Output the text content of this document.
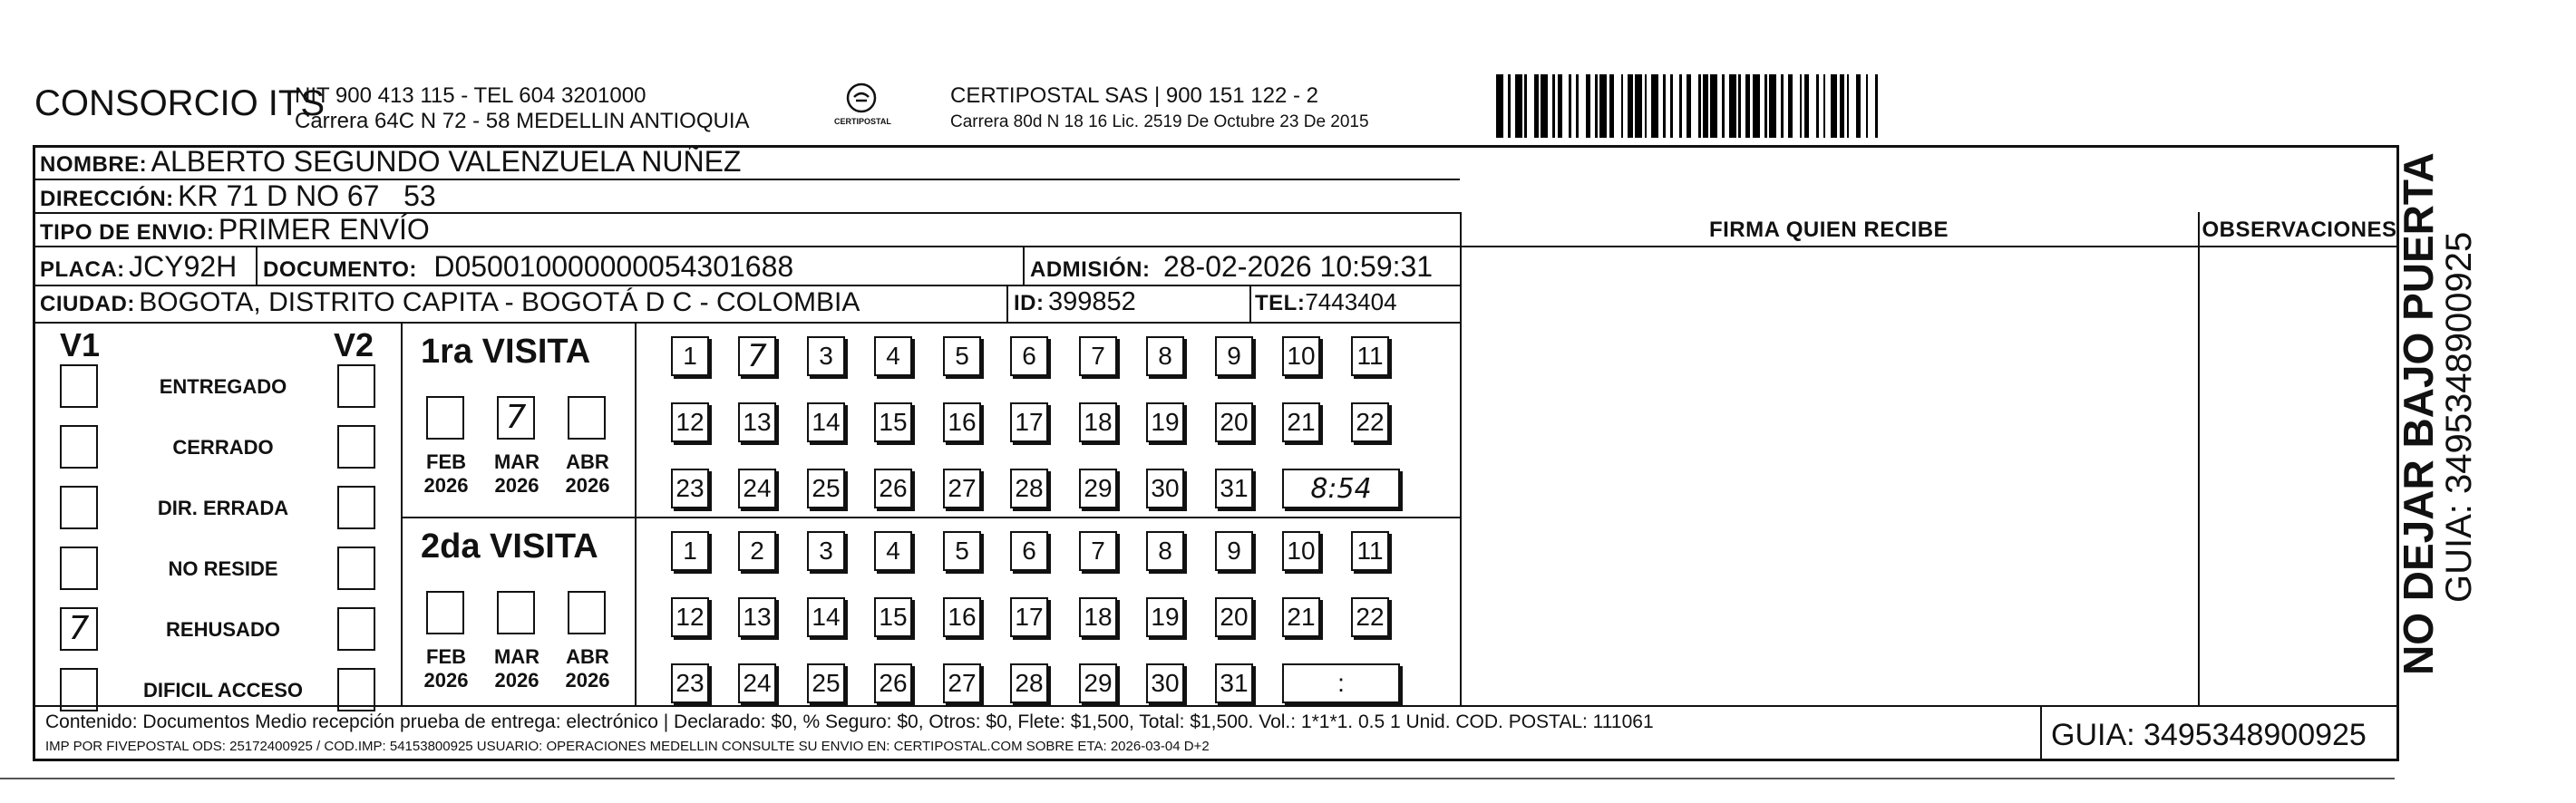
CONSORCIO ITS
NIT 900 413 115 - TEL 604 3201000
Carrera 64C N 72 - 58 MEDELLIN ANTIOQUIA	CERTIPOSTAL
CERTIPOSTAL SAS | 900 151 122 - 2
Carrera 80d N 18 16 Lic. 2519 De Octubre 23 De 2015
NOMBRE: ALBERTO SEGUNDO VALENZUELA NUÑEZ
DIRECCIÓN: KR 71 D NO 67   53
TIPO DE ENVIO: PRIMER ENVÍO
PLACA: JCY92H DOCUMENTO: D050010000000054301688	ADMISIÓN: 28-02-2026 10:59:31
CIUDAD: BOGOTA, DISTRITO CAPITA - BOGOTÁ D C - COLOMBIA	ID: 399852	TEL:7443404
FIRMA QUIEN RECIBE	OBSERVACIONES
V1	V2
ENTREGADO
CERRADO
DIR. ERRADA
NO RESIDE
7	REHUSADO
DIFICIL ACCESO
1ra VISITA
FEB
2026
7
MAR
2026
ABR
2026
1 7 3 4 5 6 7 8 9 10 11
12 13 14 15 16 17 18 19 20 21 22
23 24 25 26 27 28 29 30 31 8:54
2da VISITA
FEB
2026
MAR
2026
ABR
2026
1 2 3 4 5 6 7 8 9 10 11
12 13 14 15 16 17 18 19 20 21 22
23 24 25 26 27 28 29 30 31	:
Contenido: Documentos Medio recepción prueba de entrega: electrónico | Declarado: $0, % Seguro: $0, Otros: $0, Flete: $1,500, Total: $1,500. Vol.: 1*1*1. 0.5 1 Unid. COD. POSTAL: 111061
IMP POR FIVEPOSTAL ODS: 25172400925 / COD.IMP: 54153800925 USUARIO: OPERACIONES MEDELLIN CONSULTE SU ENVIO EN: CERTIPOSTAL.COM SOBRE ETA: 2026-03-04 D+2	GUIA: 3495348900925
NO DEJAR BAJO PUERTA
GUIA: 3495348900925
